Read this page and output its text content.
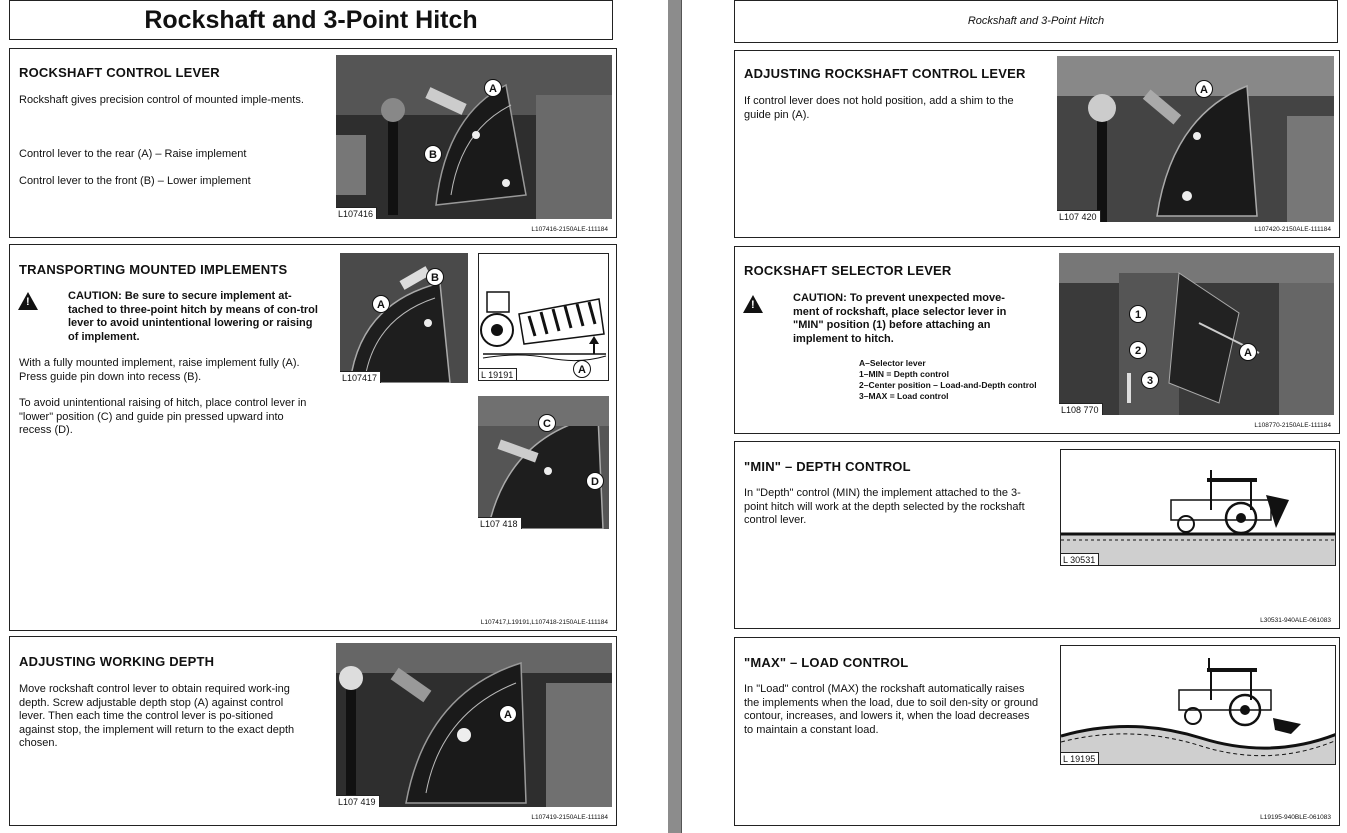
Rockshaft and 3-Point Hitch
ROCKSHAFT CONTROL LEVER
Rockshaft gives precision control of mounted imple-ments.
Control lever to the rear (A) – Raise implement
Control lever to the front (B) – Lower implement
A
B
L107416
L107416-2150ALE-111184
TRANSPORTING MOUNTED IMPLEMENTS
!	CAUTION: Be sure to secure implement at-tached to three-point hitch by means of con-trol lever to avoid unintentional lowering or raising of implement.
With a fully mounted implement, raise implement fully (A). Press guide pin down into recess (B).
To avoid unintentional raising of hitch, place control lever in "lower" position (C) and guide pin pressed upward into recess (D).
B
A
L107417
A
L 19191
C
D
L107 418
L107417,L19191,L107418-2150ALE-111184
ADJUSTING WORKING DEPTH
Move rockshaft control lever to obtain required work-ing depth. Screw adjustable depth stop (A) against control lever. Then each time the control lever is po-sitioned against stop, the implement will return to the exact depth chosen.
A
L107 419
L107419-2150ALE-111184
Rockshaft and 3-Point Hitch
ADJUSTING ROCKSHAFT CONTROL LEVER
If control lever does not hold position, add a shim to the guide pin (A).
A
L107 420
L107420-2150ALE-111184
ROCKSHAFT SELECTOR LEVER
!
CAUTION: To prevent unexpected move-ment of rockshaft, place selector lever in "MIN" position (1) before attaching an implement to hitch.
A–Selector lever
1–MIN = Depth control
2–Center position – Load-and-Depth control
3–MAX = Load control
1
2
3
A
L108 770
L108770-2150ALE-111184
"MIN" – DEPTH CONTROL
In "Depth" control (MIN) the implement attached to the 3-point hitch will work at the depth selected by the rockshaft control lever.
L 30531
L30531-940ALE-061083
"MAX" – LOAD CONTROL
In "Load" control (MAX) the rockshaft automatically raises the implements when the load, due to soil den-sity or ground contour, increases, and lowers it, when the load decreases to maintain a constant load.
L 19195
L19195-940BLE-061083
